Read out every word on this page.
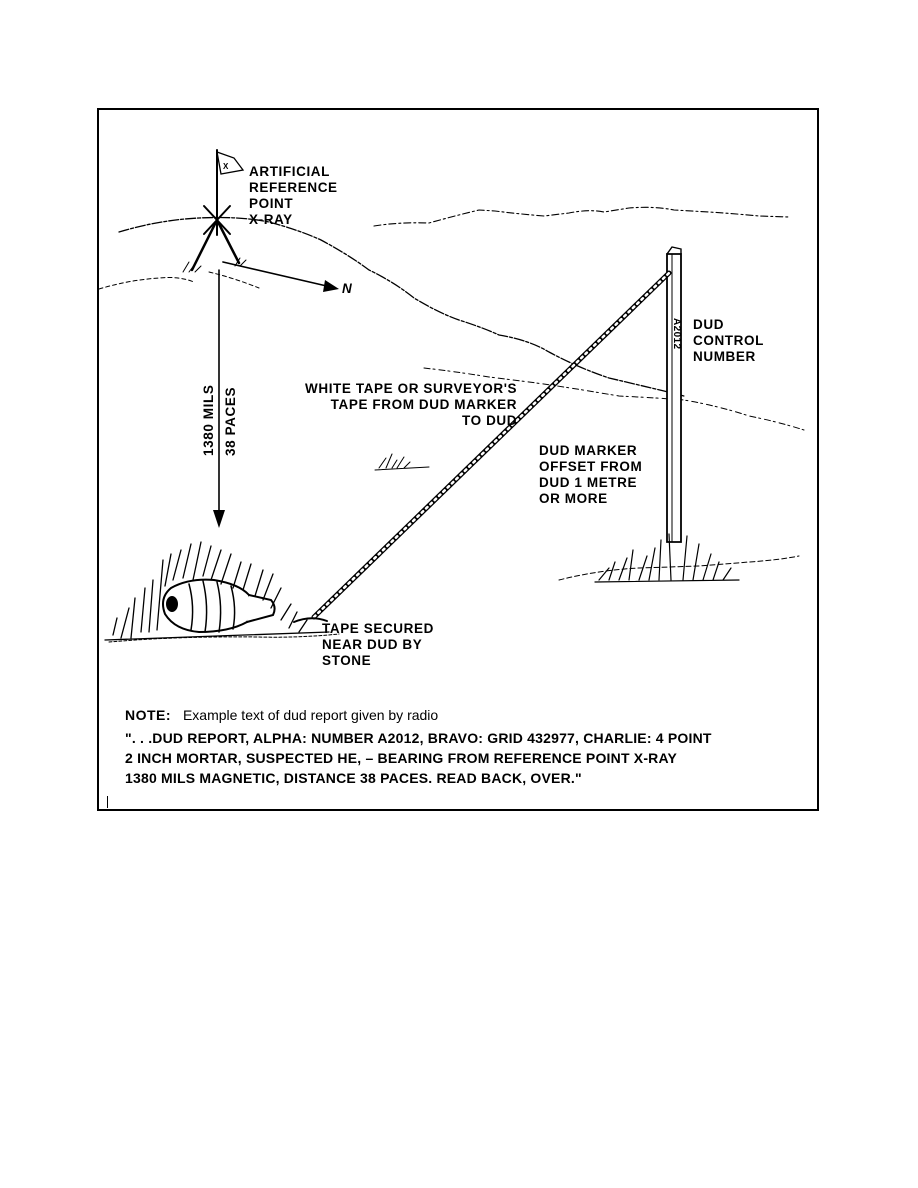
ARTIFICIAL
REFERENCE
POINT
X-RAY
N
1380 MILS 38 PACES	WHITE TAPE OR SURVEYOR'S
TAPE FROM DUD MARKER
TO DUD
DUD
CONTROL
NUMBER
A2012
X
DUD MARKER
OFFSET FROM
DUD 1 METRE
OR MORE
TAPE SECURED
NEAR DUD BY
STONE
NOTE: Example text of dud report given by radio
". . .DUD REPORT, ALPHA: NUMBER A2012, BRAVO: GRID 432977, CHARLIE: 4 POINT
2 INCH MORTAR, SUSPECTED HE, – BEARING FROM REFERENCE POINT X-RAY
1380 MILS MAGNETIC, DISTANCE 38 PACES. READ BACK, OVER."
